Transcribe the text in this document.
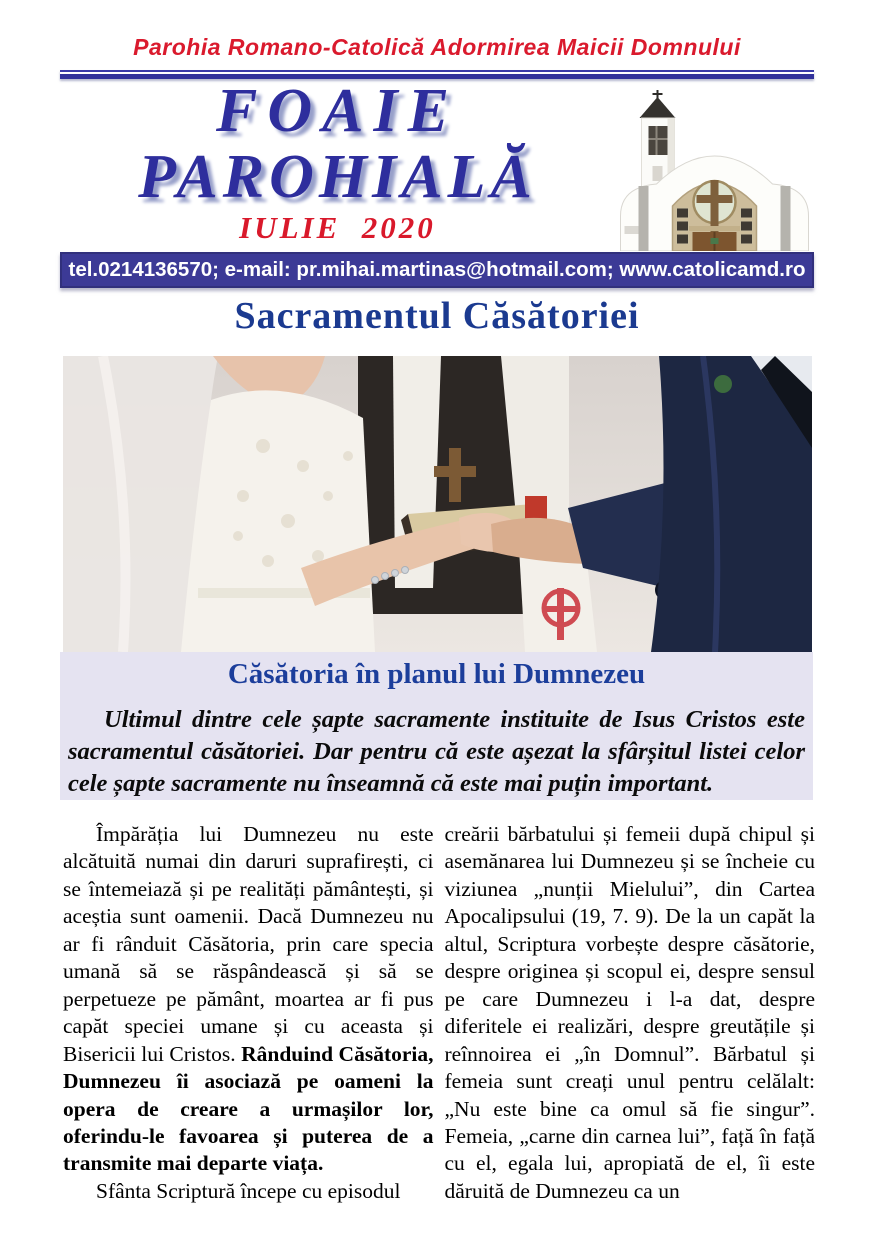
Parohia Romano-Catolică Adormirea Maicii Domnului
FOAIE
PAROHIALĂ
IULIE  2020
tel.0214136570; e-mail: pr.mihai.martinas@hotmail.com; www.catolicamd.ro
Sacramentul Căsătoriei
Căsătoria în planul lui Dumnezeu
Ultimul dintre cele șapte sacramente instituite de Isus Cristos este sacramentul căsătoriei. Dar pentru că este așezat la sfârșitul listei celor cele șapte sacramente nu înseamnă că este mai puțin important.

Împărăția lui Dumnezeu nu este alcătuită numai din daruri suprafirești, ci se întemeiază și pe realități pământești, și aceștia sunt oamenii. Dacă Dumnezeu nu ar fi rânduit Căsătoria, prin care specia umană să se răspândească și să se perpetueze pe pământ, moartea ar fi pus capăt speciei umane și cu aceasta și Bisericii lui Cristos. Rânduind Căsătoria, Dumnezeu îi asociază pe oameni la opera de creare a urmașilor lor, oferindu-le favoarea și puterea de a transmite mai departe viața.

Sfânta Scriptură începe cu episodul

creării bărbatului și femeii după chipul și asemănarea lui Dumnezeu și se încheie cu viziunea „nunții Mielului”, din Cartea Apocalipsului (19, 7. 9). De la un capăt la altul, Scriptura vorbește despre căsătorie, despre originea și scopul ei, despre sensul pe care Dumnezeu i l-a dat, despre diferitele ei realizări, despre greutățile și reînnoirea ei „în Domnul”. Bărbatul și femeia sunt creați unul pentru celălalt: „Nu este bine ca omul să fie singur”. Femeia, „carne din carnea lui”, față în față cu el, egala lui, apropiată de el, îi este dăruită de Dumnezeu ca un
